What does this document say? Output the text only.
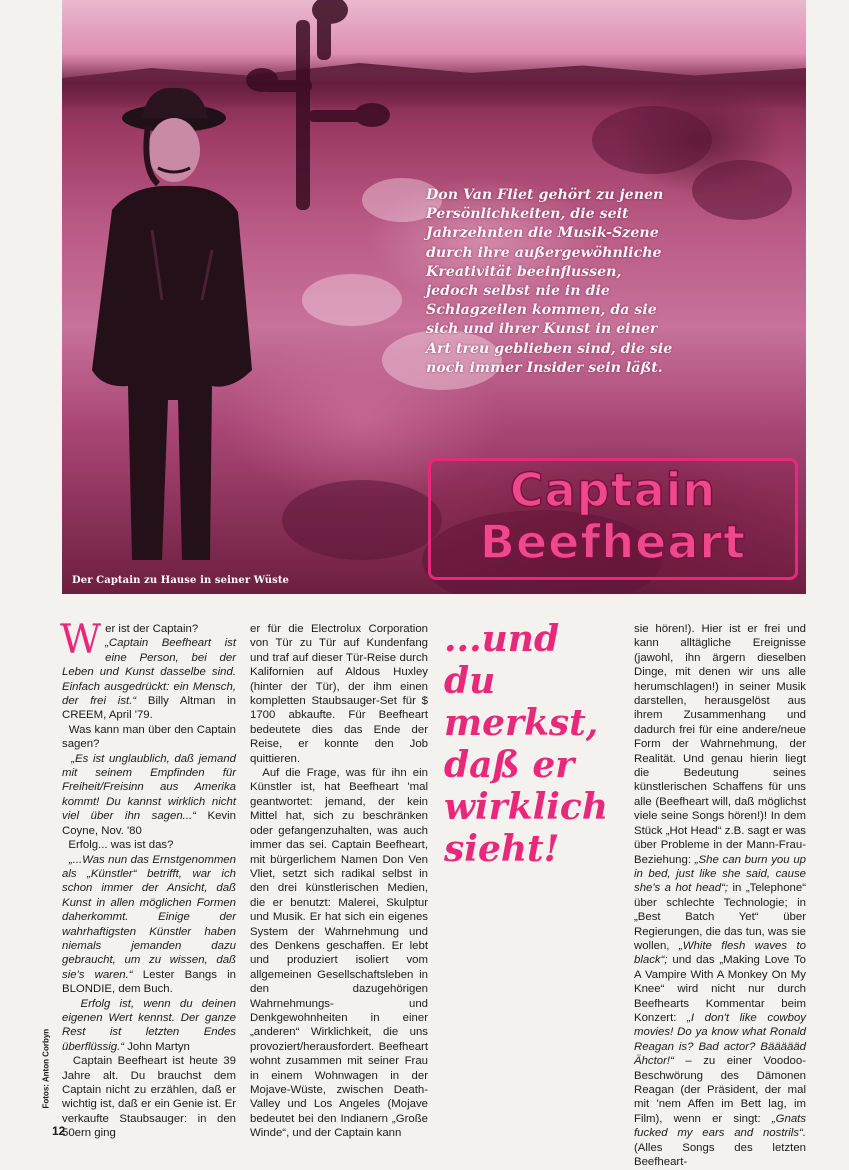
Don Van Fliet gehört zu jenen Persönlichkeiten, die seit Jahrzehnten die Musik-Szene durch ihre außergewöhnliche Kreativität beeinflussen, jedoch selbst nie in die Schlagzeilen kommen, da sie sich und ihrer Kunst in einer Art treu geblieben sind, die sie noch immer Insider sein läßt.
Captain
Beefheart
Der Captain zu Hause in seiner Wüste

W er ist der Captain?
„Captain Beefheart ist eine Person, bei der Leben und Kunst dasselbe sind. Einfach ausgedrückt: ein Mensch, der frei ist.“ Billy Altman in CREEM, April '79.
Was kann man über den Captain sagen?
„Es ist unglaublich, daß jemand mit seinem Empfinden für Freiheit/Freisinn aus Amerika kommt! Du kannst wirklich nicht viel über ihn sagen...“ Kevin Coyne, Nov. '80
Erfolg... was ist das?
„...Was nun das Ernstgenommen als „Künstler“ betrifft, war ich schon immer der Ansicht, daß Kunst in allen möglichen Formen daherkommt. Einige der wahrhaftigsten Künstler haben niemals jemanden dazu gebraucht, um zu wissen, daß sie's waren.“ Lester Bangs in BLONDIE, dem Buch.
Erfolg ist, wenn du deinen eigenen Wert kennst. Der ganze Rest ist letzten Endes überflüssig.“ John Martyn
Captain Beefheart ist heute 39 Jahre alt. Du brauchst dem Captain nicht zu erzählen, daß er wichtig ist, daß er ein Genie ist. Er verkaufte Staubsauger: in den 50ern ging

er für die Electrolux Corporation von Tür zu Tür auf Kundenfang und traf auf dieser Tür-Reise durch Kalifornien auf Aldous Huxley (hinter der Tür), der ihm einen kompletten Staubsauger-Set für $ 1700 abkaufte. Für Beefheart bedeutete dies das Ende der Reise, er konnte den Job quittieren.
Auf die Frage, was für ihn ein Künstler ist, hat Beefheart 'mal geantwortet: jemand, der kein Mittel hat, sich zu beschränken oder gefangenzuhalten, was auch immer das sei. Captain Beefheart, mit bürgerlichem Namen Don Ven Vliet, setzt sich radikal selbst in den drei künstlerischen Medien, die er benutzt: Malerei, Skulptur und Musik. Er hat sich ein eigenes System der Wahrnehmung und des Denkens geschaffen. Er lebt und produziert isoliert vom allgemeinen Gesellschaftsleben in den dazugehörigen Wahrnehmungs- und Denkgewohnheiten in einer „anderen“ Wirklichkeit, die uns provoziert/herausfordert. Beefheart wohnt zusammen mit seiner Frau in einem Wohnwagen in der Mojave-Wüste, zwischen Death-Valley und Los Angeles (Mojave bedeutet bei den Indianern „Große Winde“, und der Captain kann

...und du merkst, daß er wirklich sieht!

sie hören!). Hier ist er frei und kann alltägliche Ereignisse (jawohl, ihn ärgern dieselben Dinge, mit denen wir uns alle herumschlagen!) in seiner Musik darstellen, herausgelöst aus ihrem Zusammenhang und dadurch frei für eine andere/neue Form der Wahrnehmung, der Realität. Und genau hierin liegt die Bedeutung seines künstlerischen Schaffens für uns alle (Beefheart will, daß möglichst viele seine Songs hören!)! In dem Stück „Hot Head“ z.B. sagt er was über Probleme in der Mann-Frau-Beziehung: „She can burn you up in bed, just like she said, cause she's a hot head“; in „Telephone“ über schlechte Technologie; in „Best Batch Yet“ über Regierungen, die das tun, was sie wollen, „White flesh waves to black“; und das „Making Love To A Vampire With A Monkey On My Knee“ wird nicht nur durch Beefhearts Kommentar beim Konzert: „I don't like cowboy movies! Do ya know what Ronald Reagan is? Bad actor? Bäääääd Ähctor!“ – zu einer Voodoo-Beschwörung des Dämonen Reagan (der Präsident, der mal mit 'nem Affen im Bett lag, im Film), wenn er singt: „Gnats fucked my ears and nostrils“. (Alles Songs des letzten Beefheart-

Fotos: Anton Corbyn
12
